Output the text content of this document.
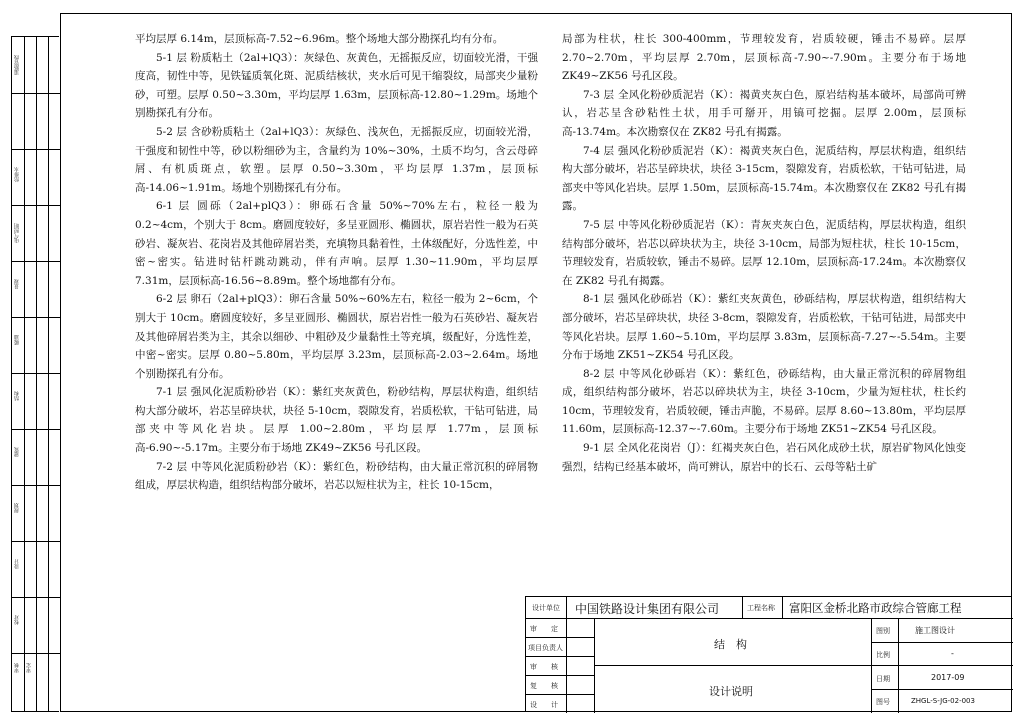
道路管线
给排水
电气照明
景观
暖通
结构
建筑
规划
设计
校对
审核 审定

平均层厚 6.14m，层顶标高-7.52~6.96m。整个场地大部分勘探孔均有分布。

5-1 层 粉质粘土（2al+lQ3）：灰绿色、灰黄色，无摇振反应，切面较光滑，干强度高，韧性中等，见铁锰质氧化斑、泥质结核状，夹水后可见干缩裂纹，局部夹少量粉砂，可塑。层厚 0.50~3.30m，平均层厚 1.63m，层顶标高-12.80~1.29m。场地个别勘探孔有分布。

5-2 层 含砂粉质粘土（2al+lQ3）：灰绿色、浅灰色，无摇振反应，切面较光滑，干强度和韧性中等，砂以粉细砂为主，含量约为 10%~30%，土质不均匀，含云母碎屑、有机质斑点，软塑。层厚 0.50~3.30m，平均层厚 1.37m，层顶标高-14.06~1.91m。场地个别勘探孔有分布。

6-1 层 圆砾（2al+plQ3）：卵砾石含量 50%~70%左右，粒径一般为 0.2~4cm，个别大于 8cm。磨圆度较好，多呈亚圆形、椭圆状，原岩岩性一般为石英砂岩、凝灰岩、花岗岩及其他碎屑岩类，充填物具黏着性，土体级配好，分选性差，中密~密实。钻进时钻杆跳动跳动，伴有声响。层厚 1.30~11.90m，平均层厚 7.31m，层顶标高-16.56~8.89m。整个场地都有分布。

6-2 层 卵石（2al+plQ3）：卵石含量 50%~60%左右，粒径一般为 2~6cm，个别大于 10cm。磨圆度较好，多呈亚圆形、椭圆状，原岩岩性一般为石英砂岩、凝灰岩及其他碎屑岩类为主，其余以细砂、中粗砂及少量黏性土等充填，级配好，分选性差，中密~密实。层厚 0.80~5.80m，平均层厚 3.23m，层顶标高-2.03~2.64m。场地个别勘探孔有分布。

7-1 层 强风化泥质粉砂岩（K）：紫红夹灰黄色，粉砂结构，厚层状构造，组织结构大部分破坏，岩芯呈碎块状，块径 5-10cm，裂隙发育，岩质松软，干钻可钻进，局部夹中等风化岩块。层厚 1.00~2.80m，平均层厚 1.77m，层顶标高-6.90~-5.17m。主要分布于场地 ZK49~ZK56 号孔区段。

7-2 层 中等风化泥质粉砂岩（K）：紫红色，粉砂结构，由大量正常沉积的碎屑物组成，厚层状构造，组织结构部分破坏，岩芯以短柱状为主，柱长 10-15cm，

局部为柱状，柱长 300-400mm，节理较发育，岩质较硬，锤击不易碎。层厚 2.70~2.70m，平均层厚 2.70m，层顶标高-7.90~-7.90m。主要分布于场地 ZK49~ZK56 号孔区段。

7-3 层 全风化粉砂质泥岩（K）：褐黄夹灰白色，原岩结构基本破坏，局部尚可辨认，岩芯呈含砂粘性土状，用手可掰开，用镐可挖掘。层厚 2.00m，层顶标高-13.74m。本次勘察仅在 ZK82 号孔有揭露。

7-4 层 强风化粉砂质泥岩（K）：褐黄夹灰白色，泥质结构，厚层状构造，组织结构大部分破坏，岩芯呈碎块状，块径 3-15cm，裂隙发育，岩质松软，干钻可钻进，局部夹中等风化岩块。层厚 1.50m，层顶标高-15.74m。本次勘察仅在 ZK82 号孔有揭露。

7-5 层 中等风化粉砂质泥岩（K）：青灰夹灰白色，泥质结构，厚层状构造，组织结构部分破坏，岩芯以碎块状为主，块径 3-10cm，局部为短柱状，柱长 10-15cm，节理较发育，岩质较软，锤击不易碎。层厚 12.10m，层顶标高-17.24m。本次勘察仅在 ZK82 号孔有揭露。

8-1 层 强风化砂砾岩（K）：紫红夹灰黄色，砂砾结构，厚层状构造，组织结构大部分破坏，岩芯呈碎块状，块径 3-8cm，裂隙发育，岩质松软，干钻可钻进，局部夹中等风化岩块。层厚 1.60~5.10m，平均层厚 3.83m，层顶标高-7.27~-5.54m。主要分布于场地 ZK51~ZK54 号孔区段。

8-2 层 中等风化砂砾岩（K）：紫红色，砂砾结构，由大量正常沉积的碎屑物组成，组织结构部分破坏，岩芯以碎块状为主，块径 3-10cm，少量为短柱状，柱长约 10cm，节理较发育，岩质较硬，锤击声脆，不易碎。层厚 8.60~13.80m，平均层厚 11.60m，层顶标高-12.37~-7.60m。主要分布于场地 ZK51~ZK54 号孔区段。

9-1 层 全风化花岗岩（J）：红褐夹灰白色，岩石风化成砂土状，原岩矿物风化蚀变强烈，结构已经基本破坏，尚可辨认，原岩中的长石、云母等粘土矿

设计单位 中国铁路设计集团有限公司	工程名称 富阳区金桥北路市政综合管廊工程
审　　定
项目负责人
审　　核
复　　核
设　　计
结　构
设计说明
图别	施工图设计
比例	-
日期	2017-09
图号	ZHGL-S-JG-02-003
